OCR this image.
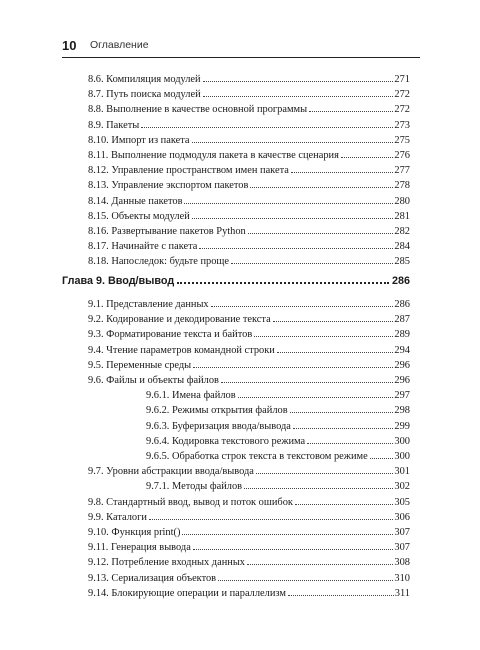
10 Оглавление
8.6. Компиляция модулей	271
8.7. Путь поиска модулей	272
8.8. Выполнение в качестве основной программы	272
8.9. Пакеты	273
8.10. Импорт из пакета	275
8.11. Выполнение подмодуля пакета в качестве сценария	276
8.12. Управление пространством имен пакета	277
8.13. Управление экспортом пакетов	278
8.14. Данные пакетов	280
8.15. Объекты модулей	281
8.16. Развертывание пакетов Python	282
8.17. Начинайте с пакета	284
8.18. Напоследок: будьте проще	285
Глава 9. Ввод/вывод	286
9.1. Представление данных	286
9.2. Кодирование и декодирование текста	287
9.3. Форматирование текста и байтов	289
9.4. Чтение параметров командной строки	294
9.5. Переменные среды	296
9.6. Файлы и объекты файлов	296
9.6.1. Имена файлов	297
9.6.2. Режимы открытия файлов	298
9.6.3. Буферизация ввода/вывода	299
9.6.4. Кодировка текстового режима	300
9.6.5. Обработка строк текста в текстовом режиме	300
9.7. Уровни абстракции ввода/вывода	301
9.7.1. Методы файлов	302
9.8. Стандартный ввод, вывод и поток ошибок	305
9.9. Каталоги	306
9.10. Функция print()	307
9.11. Генерация вывода	307
9.12. Потребление входных данных	308
9.13. Сериализация объектов	310
9.14. Блокирующие операции и параллелизм	311
